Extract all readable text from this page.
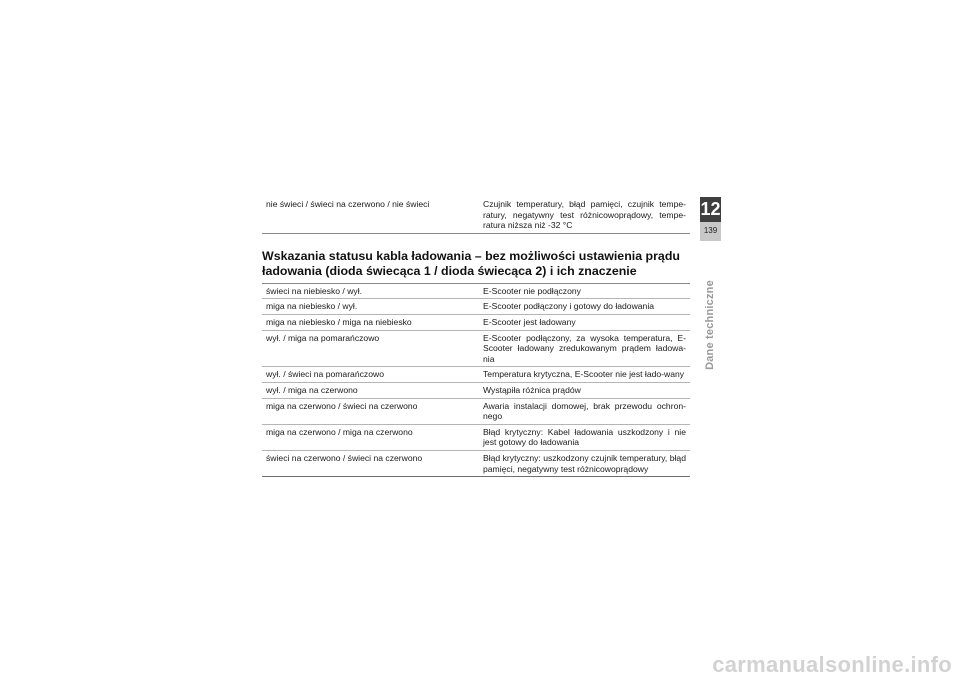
nie świeci / świeci na czerwono / nie świeci	Czujnik temperatury, błąd pamięci, czujnik tempe-ratury, negatywny test różnicowoprądowy, tempe-ratura niższa niż -32 °C
Wskazania statusu kabla ładowania – bez możliwości ustawienia prądu ładowania (dioda świecąca 1 / dioda świecąca 2) i ich znaczenie
świeci na niebiesko / wył.	E-Scooter nie podłączony
miga na niebiesko / wył.	E-Scooter podłączony i gotowy do ładowania
miga na niebiesko / miga na niebiesko	E-Scooter jest ładowany
wył. / miga na pomarańczowo	E-Scooter podłączony, za wysoka temperatura, E-Scooter ładowany zredukowanym prądem ładowa-nia
wył. / świeci na pomarańczowo	Temperatura krytyczna, E-Scooter nie jest łado-wany
wył. / miga na czerwono	Wystąpiła różnica prądów
miga na czerwono / świeci na czerwono	Awaria instalacji domowej, brak przewodu ochron-nego
miga na czerwono / miga na czerwono	Błąd krytyczny: Kabel ładowania uszkodzony i nie jest gotowy do ładowania
świeci na czerwono / świeci na czerwono	Błąd krytyczny: uszkodzony czujnik temperatury, błąd pamięci, negatywny test różnicowoprądowy
12
139
Dane techniczne
carmanualsonline.info
